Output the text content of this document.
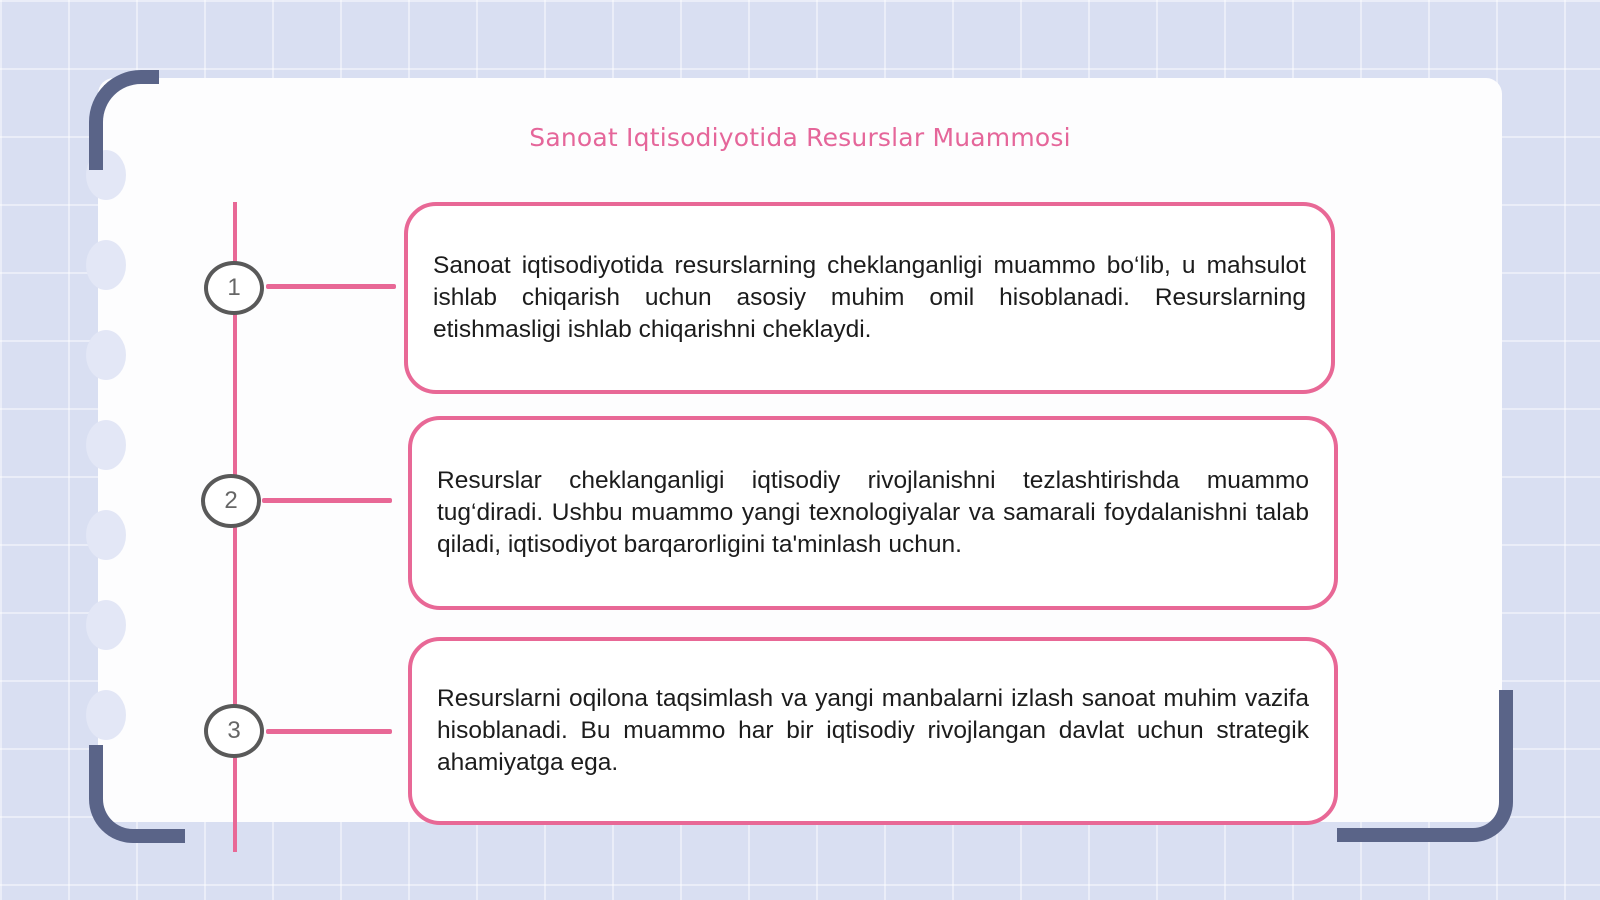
Sanoat Iqtisodiyotida Resurslar Muammosi
1

Sanoat iqtisodiyotida resurslarning cheklanganligi muammo bo‘lib, u mahsulot ishlab chiqarish uchun asosiy muhim omil hisoblanadi. Resurslarning etishmasligi ishlab chiqarishni cheklaydi.

2

Resurslar cheklanganligi iqtisodiy rivojlanishni tezlashtirishda muammo tug‘diradi. Ushbu muammo yangi texnologiyalar va samarali foydalanishni talab qiladi, iqtisodiyot barqarorligini ta'minlash uchun.

3

Resurslarni oqilona taqsimlash va yangi manbalarni izlash sanoat muhim vazifa hisoblanadi. Bu muammo har bir iqtisodiy rivojlangan davlat uchun strategik ahamiyatga ega.
